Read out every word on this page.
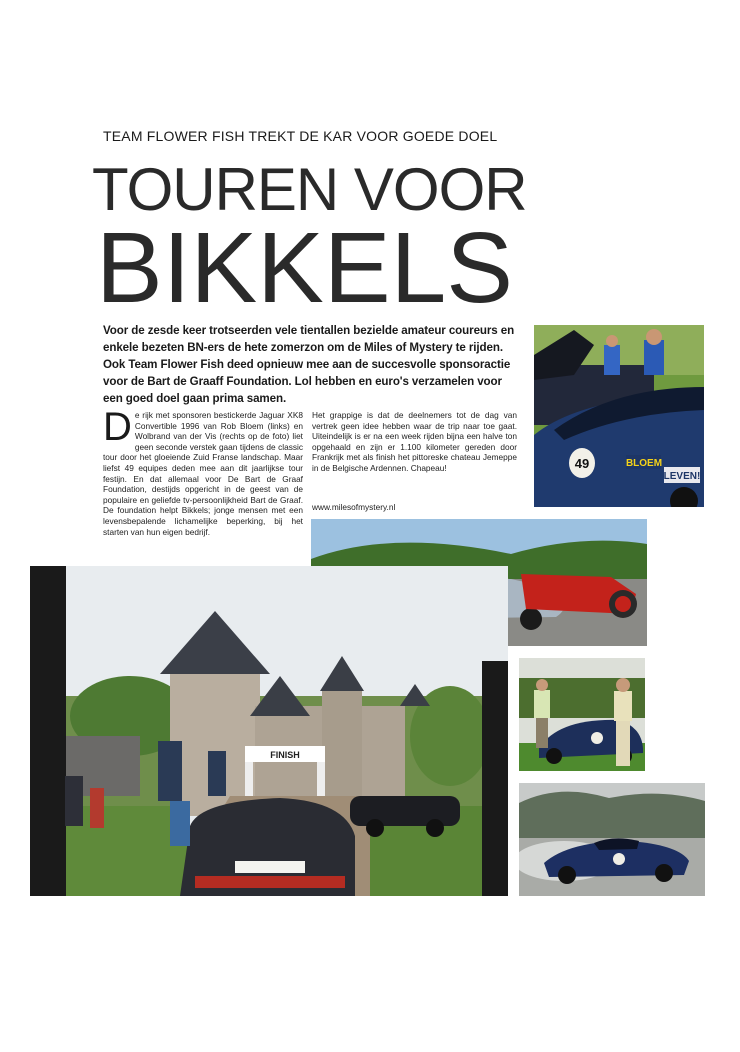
TEAM FLOWER FISH TREKT DE KAR VOOR GOEDE DOEL
TOUREN VOOR
BIKKELS
Voor de zesde keer trotseerden vele tientallen bezielde amateur coureurs en enkele bezeten BN-ers de hete zomerzon om de Miles of Mystery te rijden. Ook Team Flower Fish deed opnieuw mee aan de succesvolle sponsoractie voor de Bart de Graaff Foundation. Lol hebben en euro's verzamelen voor een goed doel gaan prima samen.
D e rijk met sponsoren bestickerde Jaguar XK8 Convertible 1996 van Rob Bloem (links) en Wolbrand van der Vis (rechts op de foto) liet geen seconde verstek gaan tijdens de classic tour door het gloeiende Zuid Franse landschap. Maar liefst 49 equipes deden mee aan dit jaarlijkse tour festijn. En dat allemaal voor De Bart de Graaf Foundation, destijds opgericht in de geest van de populaire en geliefde tv-persoonlijkheid Bart de Graaf. De foundation helpt Bikkels; jonge mensen met een levensbepalende lichamelijke beperking, bij het starten van hun eigen bedrijf.
Het grappige is dat de deelnemers tot de dag van vertrek geen idee hebben waar de trip naar toe gaat. Uiteindelijk is er na een week rijden bijna een halve ton opgehaald en zijn er 1.100 kilometer gereden door Frankrijk met als finish het pittoreske chateau Jemeppe in de Belgische Ardennen. Chapeau!
www.milesofmystery.nl
49	BLOEM
LEVEN!
FINISH
